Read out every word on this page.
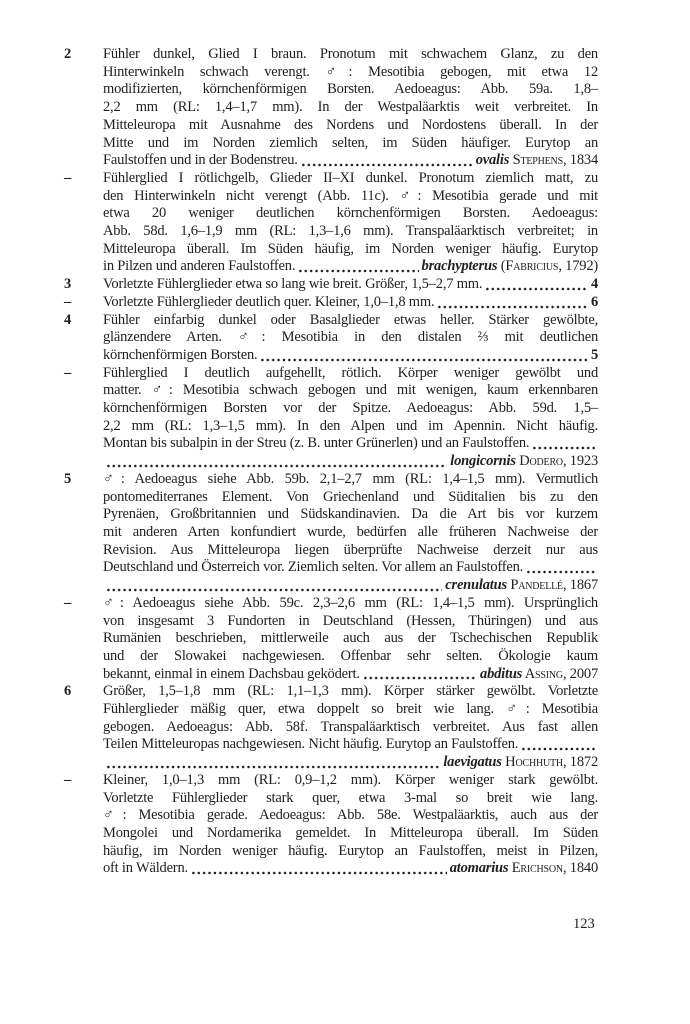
2	Fühler dunkel, Glied I braun. Pronotum mit schwachem Glanz, zu den
Hinterwinkeln schwach verengt. ♂: Mesotibia gebogen, mit etwa 12
modifizierten, körnchenförmigen Borsten. Aedoeagus: Abb. 59a. 1,8–
2,2 mm (RL: 1,4–1,7 mm). In der Westpaläarktis weit verbreitet. In
Mitteleuropa mit Ausnahme des Nordens und Nordostens überall. In der
Mitte und im Norden ziemlich selten, im Süden häufiger. Eurytop an
Faulstoffen und in der Bodenstreu.	ovalis Stephens, 1834
–	Fühlerglied I rötlichgelb, Glieder II–XI dunkel. Pronotum ziemlich matt, zu
den Hinterwinkeln nicht verengt (Abb. 11c). ♂: Mesotibia gerade und mit
etwa 20 weniger deutlichen körnchenförmigen Borsten. Aedoeagus:
Abb. 58d. 1,6–1,9 mm (RL: 1,3–1,6 mm). Transpaläarktisch verbreitet; in
Mitteleuropa überall. Im Süden häufig, im Norden weniger häufig. Eurytop
in Pilzen und anderen Faulstoffen.	brachypterus (Fabricius, 1792)
3	Vorletzte Fühlerglieder etwa so lang wie breit. Größer, 1,5–2,7 mm.	4
–	Vorletzte Fühlerglieder deutlich quer. Kleiner, 1,0–1,8 mm.	6
4	Fühler einfarbig dunkel oder Basalglieder etwas heller. Stärker gewölbte,
glänzendere Arten. ♂: Mesotibia in den distalen ⅔ mit deutlichen
körnchenförmigen Borsten.	5
–	Fühlerglied I deutlich aufgehellt, rötlich. Körper weniger gewölbt und
matter. ♂: Mesotibia schwach gebogen und mit wenigen, kaum erkennbaren
körnchenförmigen Borsten vor der Spitze. Aedoeagus: Abb. 59d. 1,5–
2,2 mm (RL: 1,3–1,5 mm). In den Alpen und im Apennin. Nicht häufig.
Montan bis subalpin in der Streu (z. B. unter Grünerlen) und an Faulstoffen.
longicornis Dodero, 1923
5	♂: Aedoeagus siehe Abb. 59b. 2,1–2,7 mm (RL: 1,4–1,5 mm). Vermutlich
pontomediterranes Element. Von Griechenland und Süditalien bis zu den
Pyrenäen, Großbritannien und Südskandinavien. Da die Art bis vor kurzem
mit anderen Arten konfundiert wurde, bedürfen alle früheren Nachweise der
Revision. Aus Mitteleuropa liegen überprüfte Nachweise derzeit nur aus
Deutschland und Österreich vor. Ziemlich selten. Vor allem an Faulstoffen.
crenulatus Pandellé, 1867
–	♂: Aedoeagus siehe Abb. 59c. 2,3–2,6 mm (RL: 1,4–1,5 mm). Ursprünglich
von insgesamt 3 Fundorten in Deutschland (Hessen, Thüringen) und aus
Rumänien beschrieben, mittlerweile auch aus der Tschechischen Republik
und der Slowakei nachgewiesen. Offenbar sehr selten. Ökologie kaum
bekannt, einmal in einem Dachsbau geködert.	abditus Assing, 2007
6	Größer, 1,5–1,8 mm (RL: 1,1–1,3 mm). Körper stärker gewölbt. Vorletzte
Fühlerglieder mäßig quer, etwa doppelt so breit wie lang. ♂: Mesotibia
gebogen. Aedoeagus: Abb. 58f. Transpaläarktisch verbreitet. Aus fast allen
Teilen Mitteleuropas nachgewiesen. Nicht häufig. Eurytop an Faulstoffen.
laevigatus Hochhuth, 1872
–	Kleiner, 1,0–1,3 mm (RL: 0,9–1,2 mm). Körper weniger stark gewölbt.
Vorletzte Fühlerglieder stark quer, etwa 3-mal so breit wie lang.
♂: Mesotibia gerade. Aedoeagus: Abb. 58e. Westpaläarktis, auch aus der
Mongolei und Nordamerika gemeldet. In Mitteleuropa überall. Im Süden
häufig, im Norden weniger häufig. Eurytop an Faulstoffen, meist in Pilzen,
oft in Wäldern.	atomarius Erichson, 1840
123
